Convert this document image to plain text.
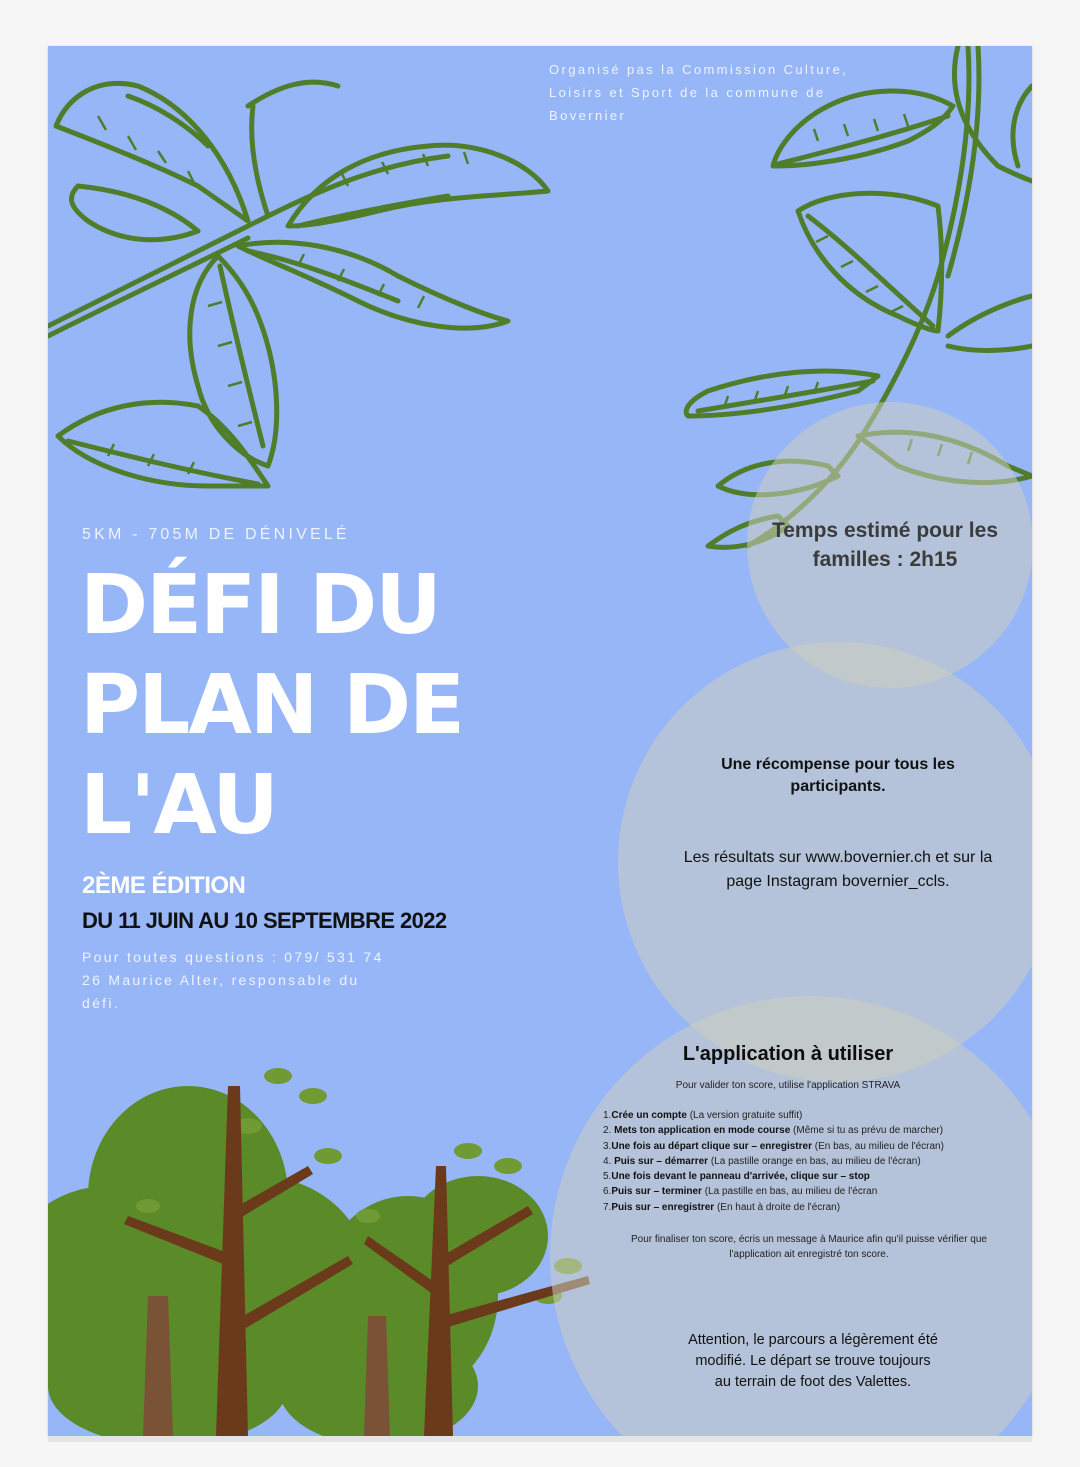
Organisé pas la Commission Culture, Loisirs et Sport de la commune de Bovernier
5KM - 705M DE DÉNIVELÉ
DÉFI DU
PLAN DE
L'AU
2ÈME ÉDITION
DU 11 JUIN AU 10 SEPTEMBRE 2022
Pour toutes questions : 079/ 531 74 26 Maurice Alter, responsable du défi.
Temps estimé pour les familles : 2h15
Une récompense pour tous les participants.
Les résultats sur www.bovernier.ch et sur la page Instagram bovernier_ccls.
L'application à utiliser
Pour valider ton score, utilise l'application STRAVA
1.Crée un compte (La version gratuite suffit)
2. Mets ton application en mode course (Même si tu as prévu de marcher)
3.Une fois au départ clique sur – enregistrer (En bas, au milieu de l'écran)
4. Puis sur – démarrer (La pastille orange en bas, au milieu de l'écran)
5.Une fois devant le panneau d'arrivée, clique sur – stop
6.Puis sur – terminer (La pastille en bas, au milieu de l'écran
7.Puis sur – enregistrer (En haut à droite de l'écran)
Pour finaliser ton score, écris un message à Maurice afin qu'il puisse vérifier que l'application ait enregistré ton score.
Attention, le parcours a légèrement été modifié. Le départ se trouve toujours au terrain de foot des Valettes.
